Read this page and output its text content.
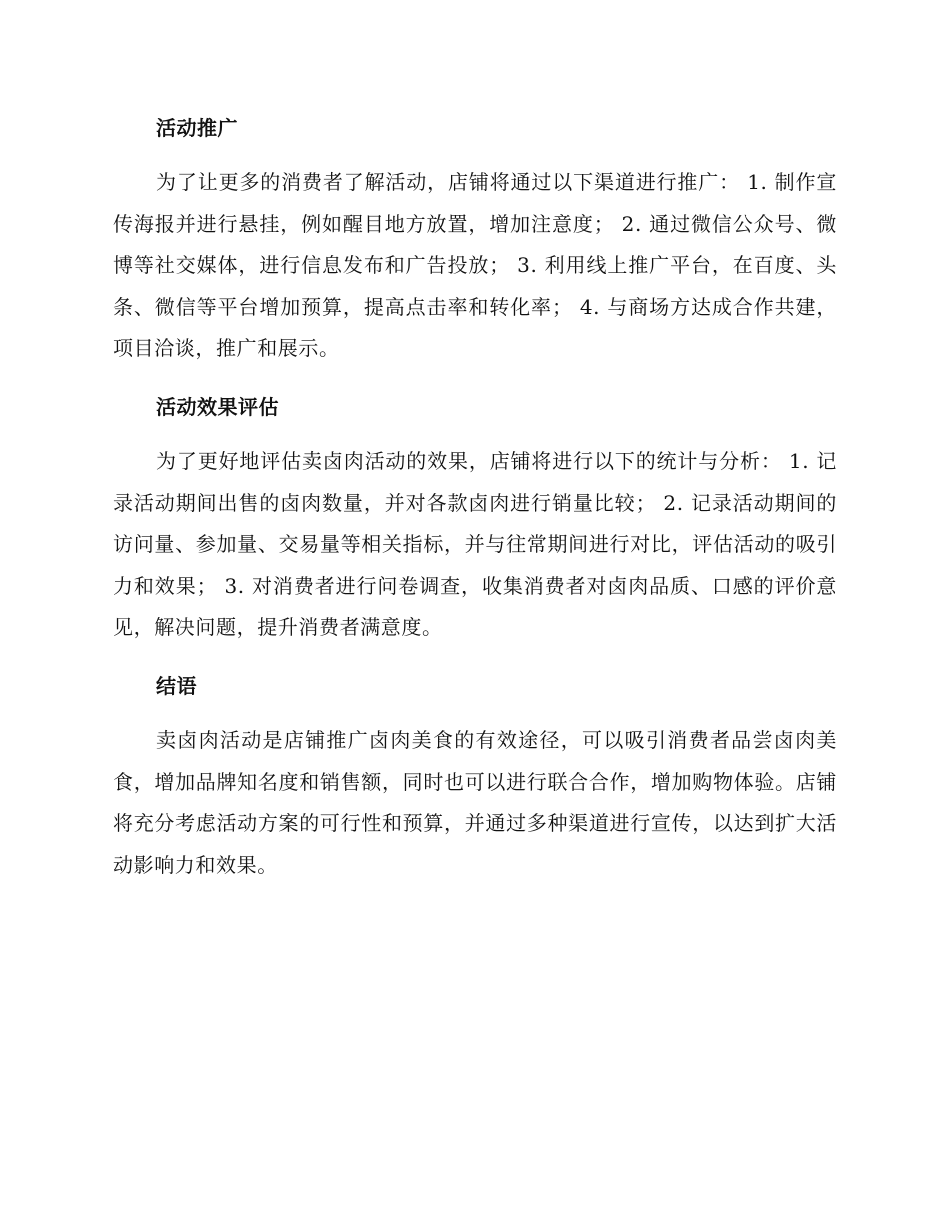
活动推广

为了让更多的消费者了解活动，店铺将通过以下渠道进行推广： 1. 制作宣传海报并进行悬挂，例如醒目地方放置，增加注意度； 2. 通过微信公众号、微博等社交媒体，进行信息发布和广告投放； 3. 利用线上推广平台，在百度、头条、微信等平台增加预算，提高点击率和转化率； 4. 与商场方达成合作共建，项目洽谈，推广和展示。

活动效果评估

为了更好地评估卖卤肉活动的效果，店铺将进行以下的统计与分析： 1. 记录活动期间出售的卤肉数量，并对各款卤肉进行销量比较； 2. 记录活动期间的访问量、参加量、交易量等相关指标，并与往常期间进行对比，评估活动的吸引力和效果； 3. 对消费者进行问卷调查，收集消费者对卤肉品质、口感的评价意见，解决问题，提升消费者满意度。

结语

卖卤肉活动是店铺推广卤肉美食的有效途径，可以吸引消费者品尝卤肉美食，增加品牌知名度和销售额，同时也可以进行联合合作，增加购物体验。店铺将充分考虑活动方案的可行性和预算，并通过多种渠道进行宣传，以达到扩大活动影响力和效果。
